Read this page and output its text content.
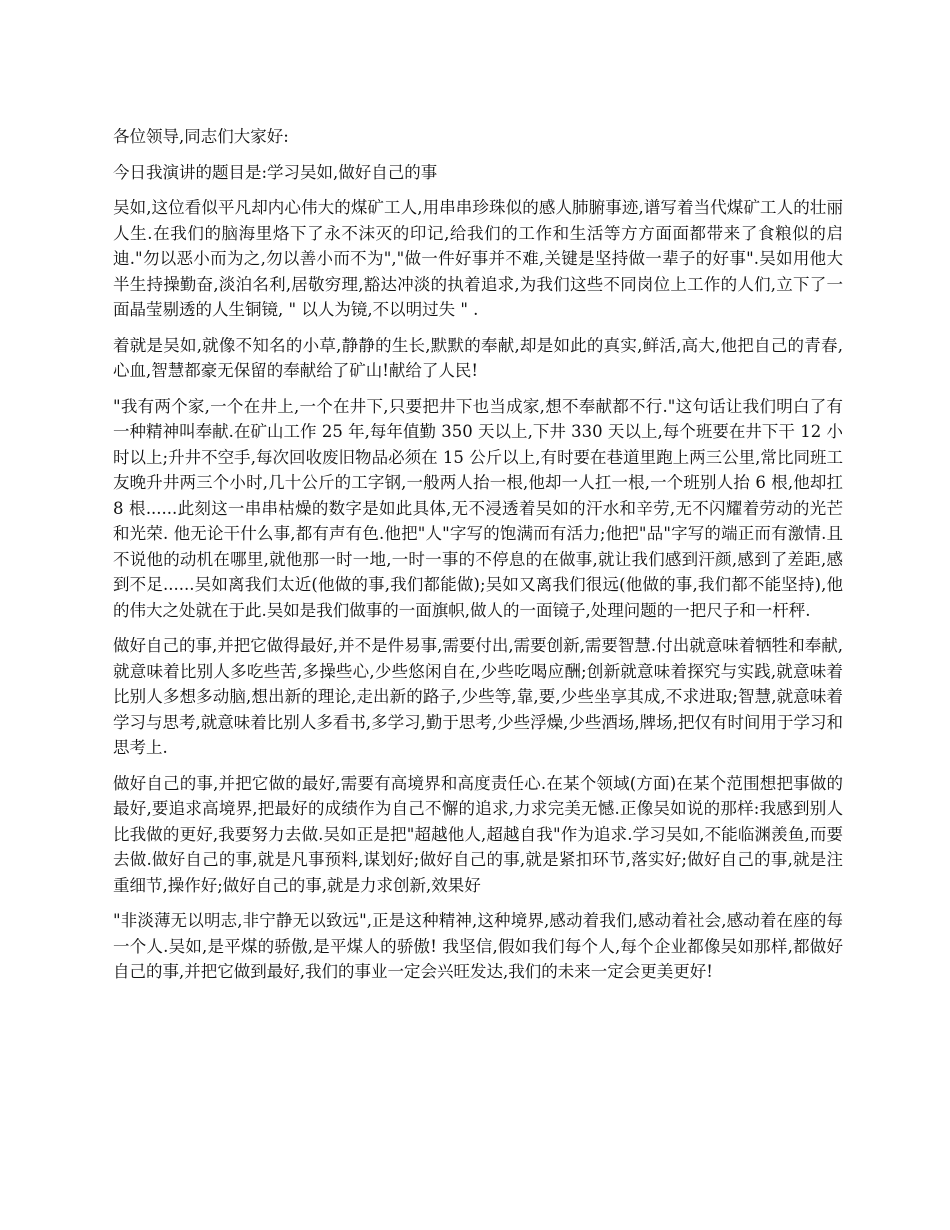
各位领导,同志们大家好:

今日我演讲的题目是:学习吴如,做好自己的事

吴如,这位看似平凡却内心伟大的煤矿工人,用串串珍珠似的感人肺腑事迹,谱写着当代煤矿工人的壮丽人生.在我们的脑海里烙下了永不沫灭的印记,给我们的工作和生活等方方面面都带来了食粮似的启迪."勿以恶小而为之,勿以善小而不为","做一件好事并不难,关键是坚持做一辈子的好事".吴如用他大半生持操勤奋,淡泊名利,居敬穷理,豁达冲淡的执着追求,为我们这些不同岗位上工作的人们,立下了一面晶莹剔透的人生铜镜, " 以人为镜,不以明过失 " .

着就是吴如,就像不知名的小草,静静的生长,默默的奉献,却是如此的真实,鲜活,高大,他把自己的青春,心血,智慧都豪无保留的奉献给了矿山!献给了人民!

"我有两个家,一个在井上,一个在井下,只要把井下也当成家,想不奉献都不行."这句话让我们明白了有一种精神叫奉献.在矿山工作 25 年,每年值勤 350 天以上,下井 330 天以上,每个班要在井下干 12 小时以上;升井不空手,每次回收废旧物品必须在 15 公斤以上,有时要在巷道里跑上两三公里,常比同班工友晚升井两三个小时,几十公斤的工字钢,一般两人抬一根,他却一人扛一根,一个班别人抬 6 根,他却扛 8 根......此刻这一串串枯燥的数字是如此具体,无不浸透着吴如的汗水和辛劳,无不闪耀着劳动的光芒和光荣. 他无论干什么事,都有声有色.他把"人"字写的饱满而有活力;他把"品"字写的端正而有激情.且不说他的动机在哪里,就他那一时一地,一时一事的不停息的在做事,就让我们感到汗颜,感到了差距,感到不足......吴如离我们太近(他做的事,我们都能做);吴如又离我们很远(他做的事,我们都不能坚持),他的伟大之处就在于此.吴如是我们做事的一面旗帜,做人的一面镜子,处理问题的一把尺子和一杆秤.

做好自己的事,并把它做得最好,并不是件易事,需要付出,需要创新,需要智慧.付出就意味着牺牲和奉献,就意味着比别人多吃些苦,多操些心,少些悠闲自在,少些吃喝应酬;创新就意味着探究与实践,就意味着比别人多想多动脑,想出新的理论,走出新的路子,少些等,靠,要,少些坐享其成,不求进取;智慧,就意味着学习与思考,就意味着比别人多看书,多学习,勤于思考,少些浮燥,少些酒场,牌场,把仅有时间用于学习和思考上.

做好自己的事,并把它做的最好,需要有高境界和高度责任心.在某个领域(方面)在某个范围想把事做的最好,要追求高境界,把最好的成绩作为自己不懈的追求,力求完美无憾.正像吴如说的那样:我感到别人比我做的更好,我要努力去做.吴如正是把"超越他人,超越自我"作为追求.学习吴如,不能临渊羡鱼,而要去做.做好自己的事,就是凡事预料,谋划好;做好自己的事,就是紧扣环节,落实好;做好自己的事,就是注重细节,操作好;做好自己的事,就是力求创新,效果好

"非淡薄无以明志,非宁静无以致远",正是这种精神,这种境界,感动着我们,感动着社会,感动着在座的每一个人.吴如,是平煤的骄傲,是平煤人的骄傲! 我坚信,假如我们每个人,每个企业都像吴如那样,都做好自己的事,并把它做到最好,我们的事业一定会兴旺发达,我们的未来一定会更美更好!
